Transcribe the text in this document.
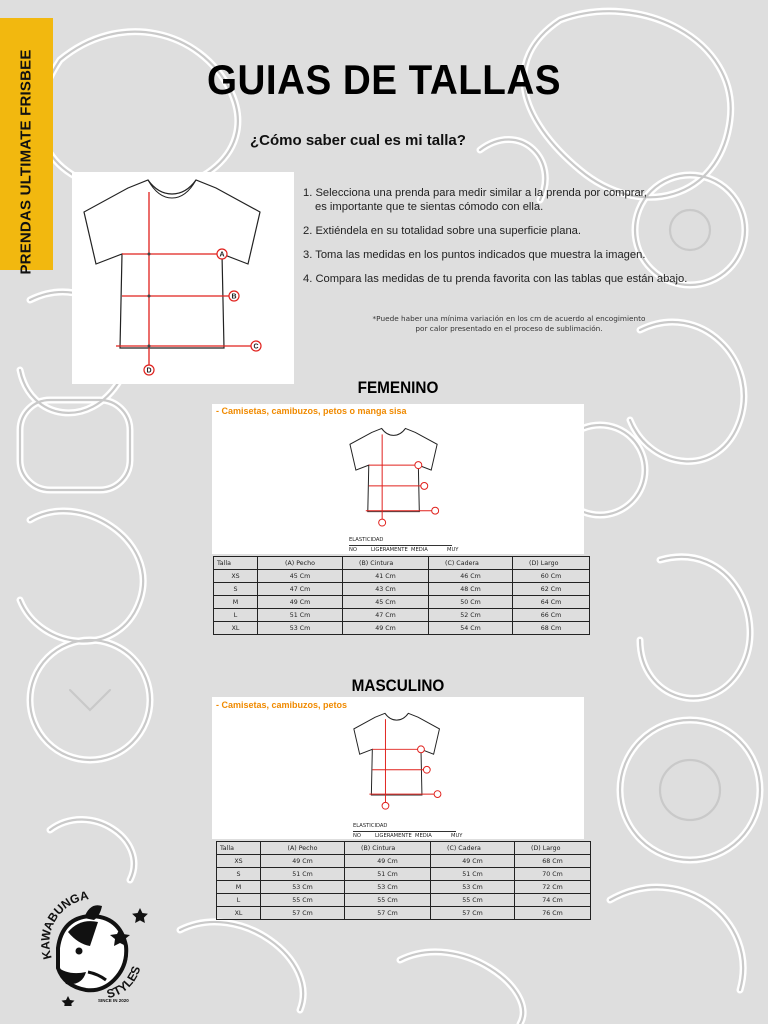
PRENDAS ULTIMATE FRISBEE	GUIAS DE TALLAS
¿Cómo saber cual es mi talla?
A
B
C
D
1. Selecciona una prenda para medir similar a la prenda por comprar,
es importante que te sientas cómodo con ella.
2. Extiéndela en su totalidad sobre una superficie plana.
3. Toma las medidas en los puntos indicados que muestra la imagen.
4. Compara las medidas de tu prenda favorita con las tablas que están abajo.
*Puede haber una mínima variación en los cm de acuerdo al encogimiento
por calor presentado en el proceso de sublimación.
FEMENINO
- Camisetas, camibuzos, petos o manga sisa
ELASTICIDAD
NO	LIGERAMENTE MEDIA	MUY
Talla	(A) Pecho	(B) Cintura	(C) Cadera	(D) Largo
XS	45 Cm	41 Cm	46 Cm	60 Cm
S	47 Cm	43 Cm	48 Cm	62 Cm
M	49 Cm	45 Cm	50 Cm	64 Cm
L	51 Cm	47 Cm	52 Cm	66 Cm
XL	53 Cm	49 Cm	54 Cm	68 Cm
MASCULINO
- Camisetas, camibuzos, petos
ELASTICIDAD
NO	LIGERAMENTE MEDIA	MUY
Talla	(A) Pecho	(B) Cintura	(C) Cadera	(D) Largo
XS	49 Cm	49 Cm	49 Cm	68 Cm
S	51 Cm	51 Cm	51 Cm	70 Cm
M	53 Cm	53 Cm	53 Cm	72 Cm
L	55 Cm	55 Cm	55 Cm	74 Cm
XL	57 Cm	57 Cm	57 Cm	76 Cm
KAWABUNGA
STYLES
SINCE IN 2020
